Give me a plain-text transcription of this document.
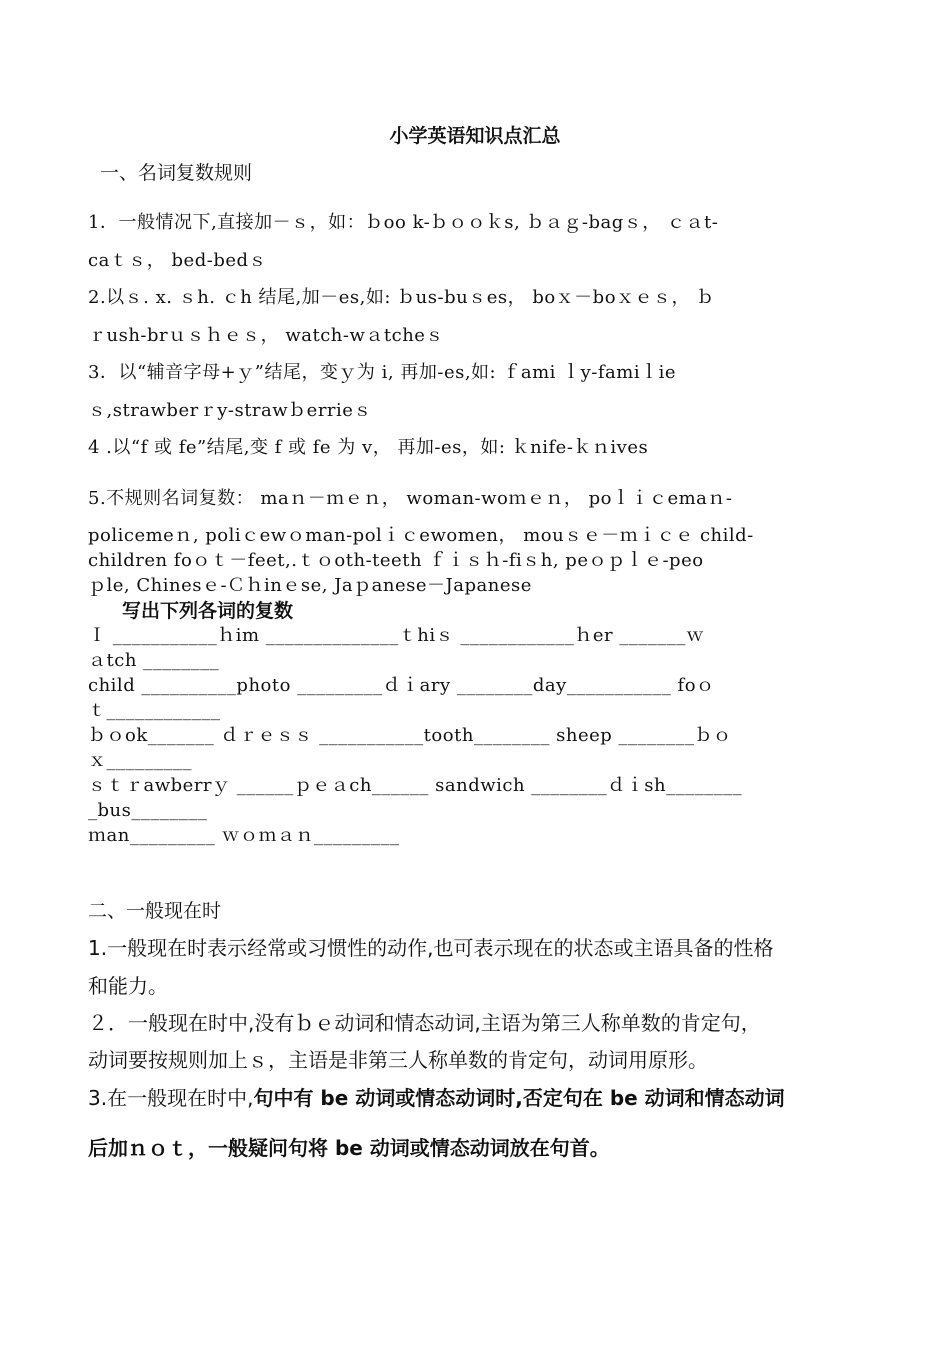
小学英语知识点汇总
一、名词复数规则
1．一般情况下,直接加－ｓ，如：ｂoo k-ｂｏｏｋs, ｂａｇ-bagｓ， ｃａt-
caｔｓ， bed-bedｓ
2.以ｓ. x. ｓh. ｃh 结尾,加－es,如: ｂus-buｓes， boｘ－boｘｅｓ， ｂ
ｒush-brｕｓｈｅｓ， watch-wａtcheｓ
3．以“辅音字母+ｙ”结尾，变ｙ为 i, 再加-es,如: ｆami ｌy-famiｌie
ｓ,strawberｒy-strawｂerrieｓ
4 .以“f 或 fe”结尾,变 f 或 fe 为 v， 再加-es，如: ｋnife-ｋｎives
5.不规则名词复数： maｎ－ｍｅｎ， woman-woｍｅｎ， poｌｉｃemaｎ-
policemeｎ, poliｃewｏman-polｉｃewomen， mouｓｅ－ｍｉｃｅ child-
children foｏｔ－feet,.ｔｏoth-teeth ｆｉｓｈ-fiｓh, peｏｐｌｅ-peo
ｐle, Chinesｅ-Ｃｈinｅse, Jaｐanese－Japanese
写出下列各词的复数
Ｉ ___________ｈim ______________ｔhiｓ ____________ｈer _______ｗ
ａtch ________
child __________photo _________ｄｉary ________day___________ foｏ
ｔ____________
ｂｏok_______ ｄｒｅｓｓ ___________tooth________ sheep ________ｂｏ
ｘ_________
ｓｔｒawberrｙ ______ｐｅａch______ sandwich ________ｄｉsh________
_bus________
ｍan_________ ｗｏｍａｎ_________
二、一般现在时
1.一般现在时表示经常或习惯性的动作,也可表示现在的状态或主语具备的性格
和能力。
２．一般现在时中,没有ｂｅ动词和情态动词,主语为第三人称单数的肯定句，
动词要按规则加上ｓ，主语是非第三人称单数的肯定句，动词用原形。
3.在一般现在时中,句中有 be 动词或情态动词时,否定句在 be 动词和情态动词
后加ｎｏｔ，一般疑问句将 be 动词或情态动词放在句首。
